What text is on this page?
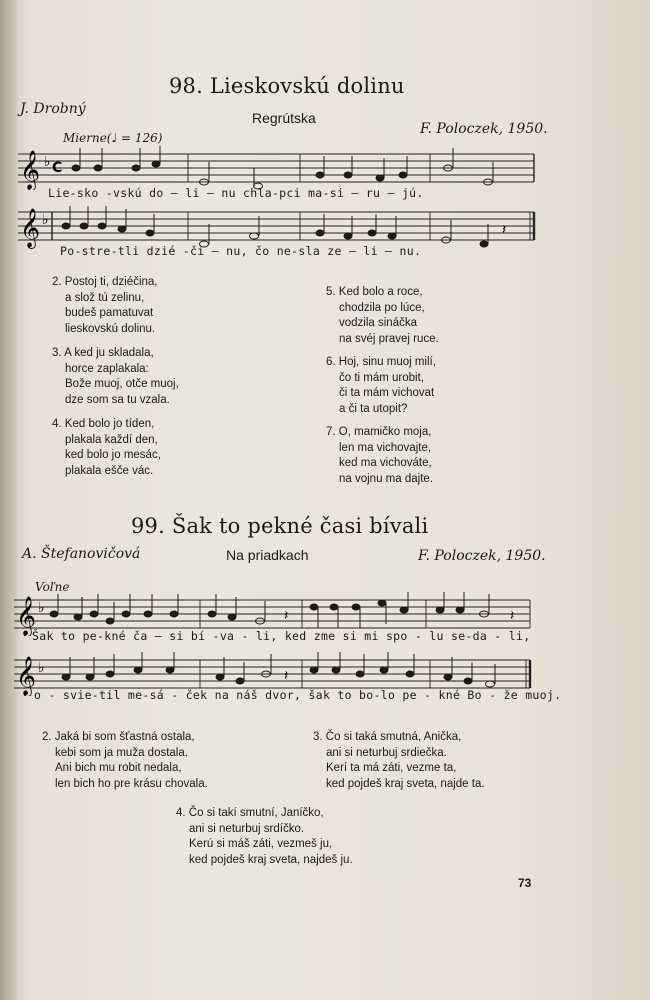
98. Lieskovskú dolinu
J. Drobný
Regrútska
F. Poloczek, 1950.
Mierne(♩ = 126)
𝄞 ♭ C
Lie-sko -vskú do — li — nu chla-pci ma-si — ru — jú.
𝄞 ♭
𝄽
Po-stre-tli dzié -či — nu, čo ne-sla ze — li — nu.
2. Postoj ti, dziéčina,
a slož tú zelinu,
budeš pamatuvat
lieskovskú dolinu.
3. A ked ju skladala,
horce zaplakala:
Bože muoj, otče muoj,
dze som sa tu vzala.
4. Ked bolo jo tíden,
plakala každí den,
ked bolo jo mesác,
plakala ešče vác.
5. Ked bolo a roce,
chodzila po lúce,
vodzila sináčka
na svéj pravej ruce.
6. Hoj, sinu muoj milí,
čo ti mám urobit,
či ta mám vichovat
a či ta utopit?
7. O, mamičko moja,
len ma vichovajte,
ked ma vichováte,
na vojnu ma dajte.
99. Šak to pekné časi bívali
A. Štefanovičová	Na priadkach	F. Poloczek, 1950.
Voľne
𝄞 ♭	𝄽	𝄽
Šak to pe-kné ča — si bí -va - li, ked zme si mi spo - lu se-da - li,
𝄞 ♭	𝄽
o - svie-til mе-sá - ček na náš dvor, šak to bo-lo pe - kné Bo - že muoj.
2. Jaká bi som šťastná ostala,
kebi som ja muža dostala.
Ani bich mu robit nedala,
len bich ho pre krásu chovala.
3. Čo si taká smutná, Anička,
ani si neturbuj srdiečka.
Kerí ta má záti, vezme ta,
ked pojdeš kraj sveta, najde ta.
4. Čo si takí smutní, Janíčko,
ani si neturbuj srdíčko.
Kerú si máš záti, vezmeš ju,
ked pojdeš kraj sveta, najdeš ju.
73
